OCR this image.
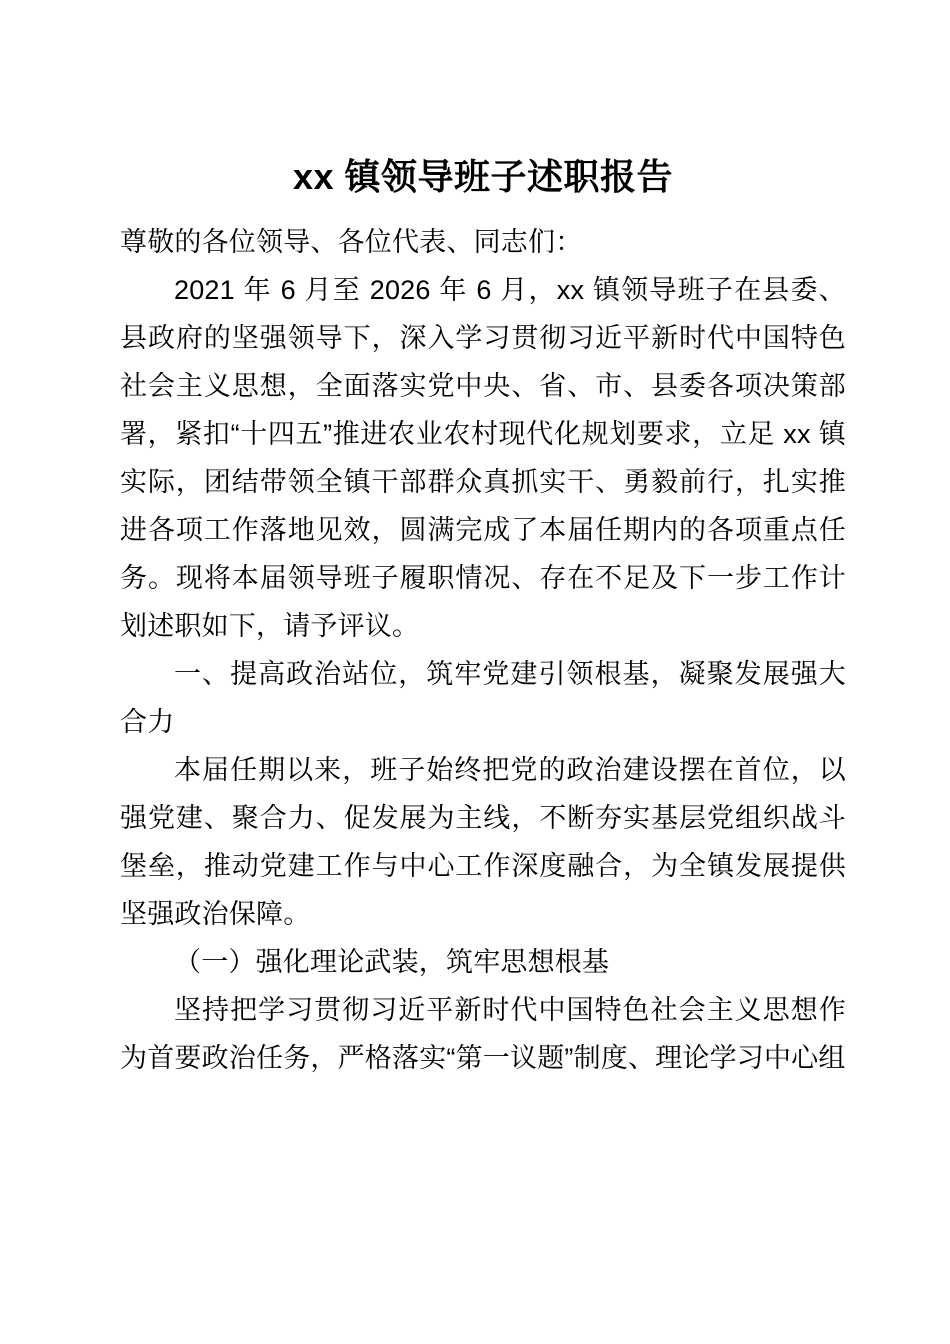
xx 镇领导班子述职报告

尊敬的各位领导、各位代表、同志们：

2021 年 6 月至 2026 年 6 月，xx 镇领导班子在县委、县政府的坚强领导下，深入学习贯彻习近平新时代中国特色社会主义思想，全面落实党中央、省、市、县委各项决策部署，紧扣“十四五”推进农业农村现代化规划要求，立足 xx 镇实际，团结带领全镇干部群众真抓实干、勇毅前行，扎实推进各项工作落地见效，圆满完成了本届任期内的各项重点任务。现将本届领导班子履职情况、存在不足及下一步工作计划述职如下，请予评议。

一、提高政治站位，筑牢党建引领根基，凝聚发展强大合力

本届任期以来，班子始终把党的政治建设摆在首位，以强党建、聚合力、促发展为主线，不断夯实基层党组织战斗堡垒，推动党建工作与中心工作深度融合，为全镇发展提供坚强政治保障。

（一）强化理论武装，筑牢思想根基

坚持把学习贯彻习近平新时代中国特色社会主义思想作为首要政治任务，严格落实“第一议题”制度、理论学习中心组
